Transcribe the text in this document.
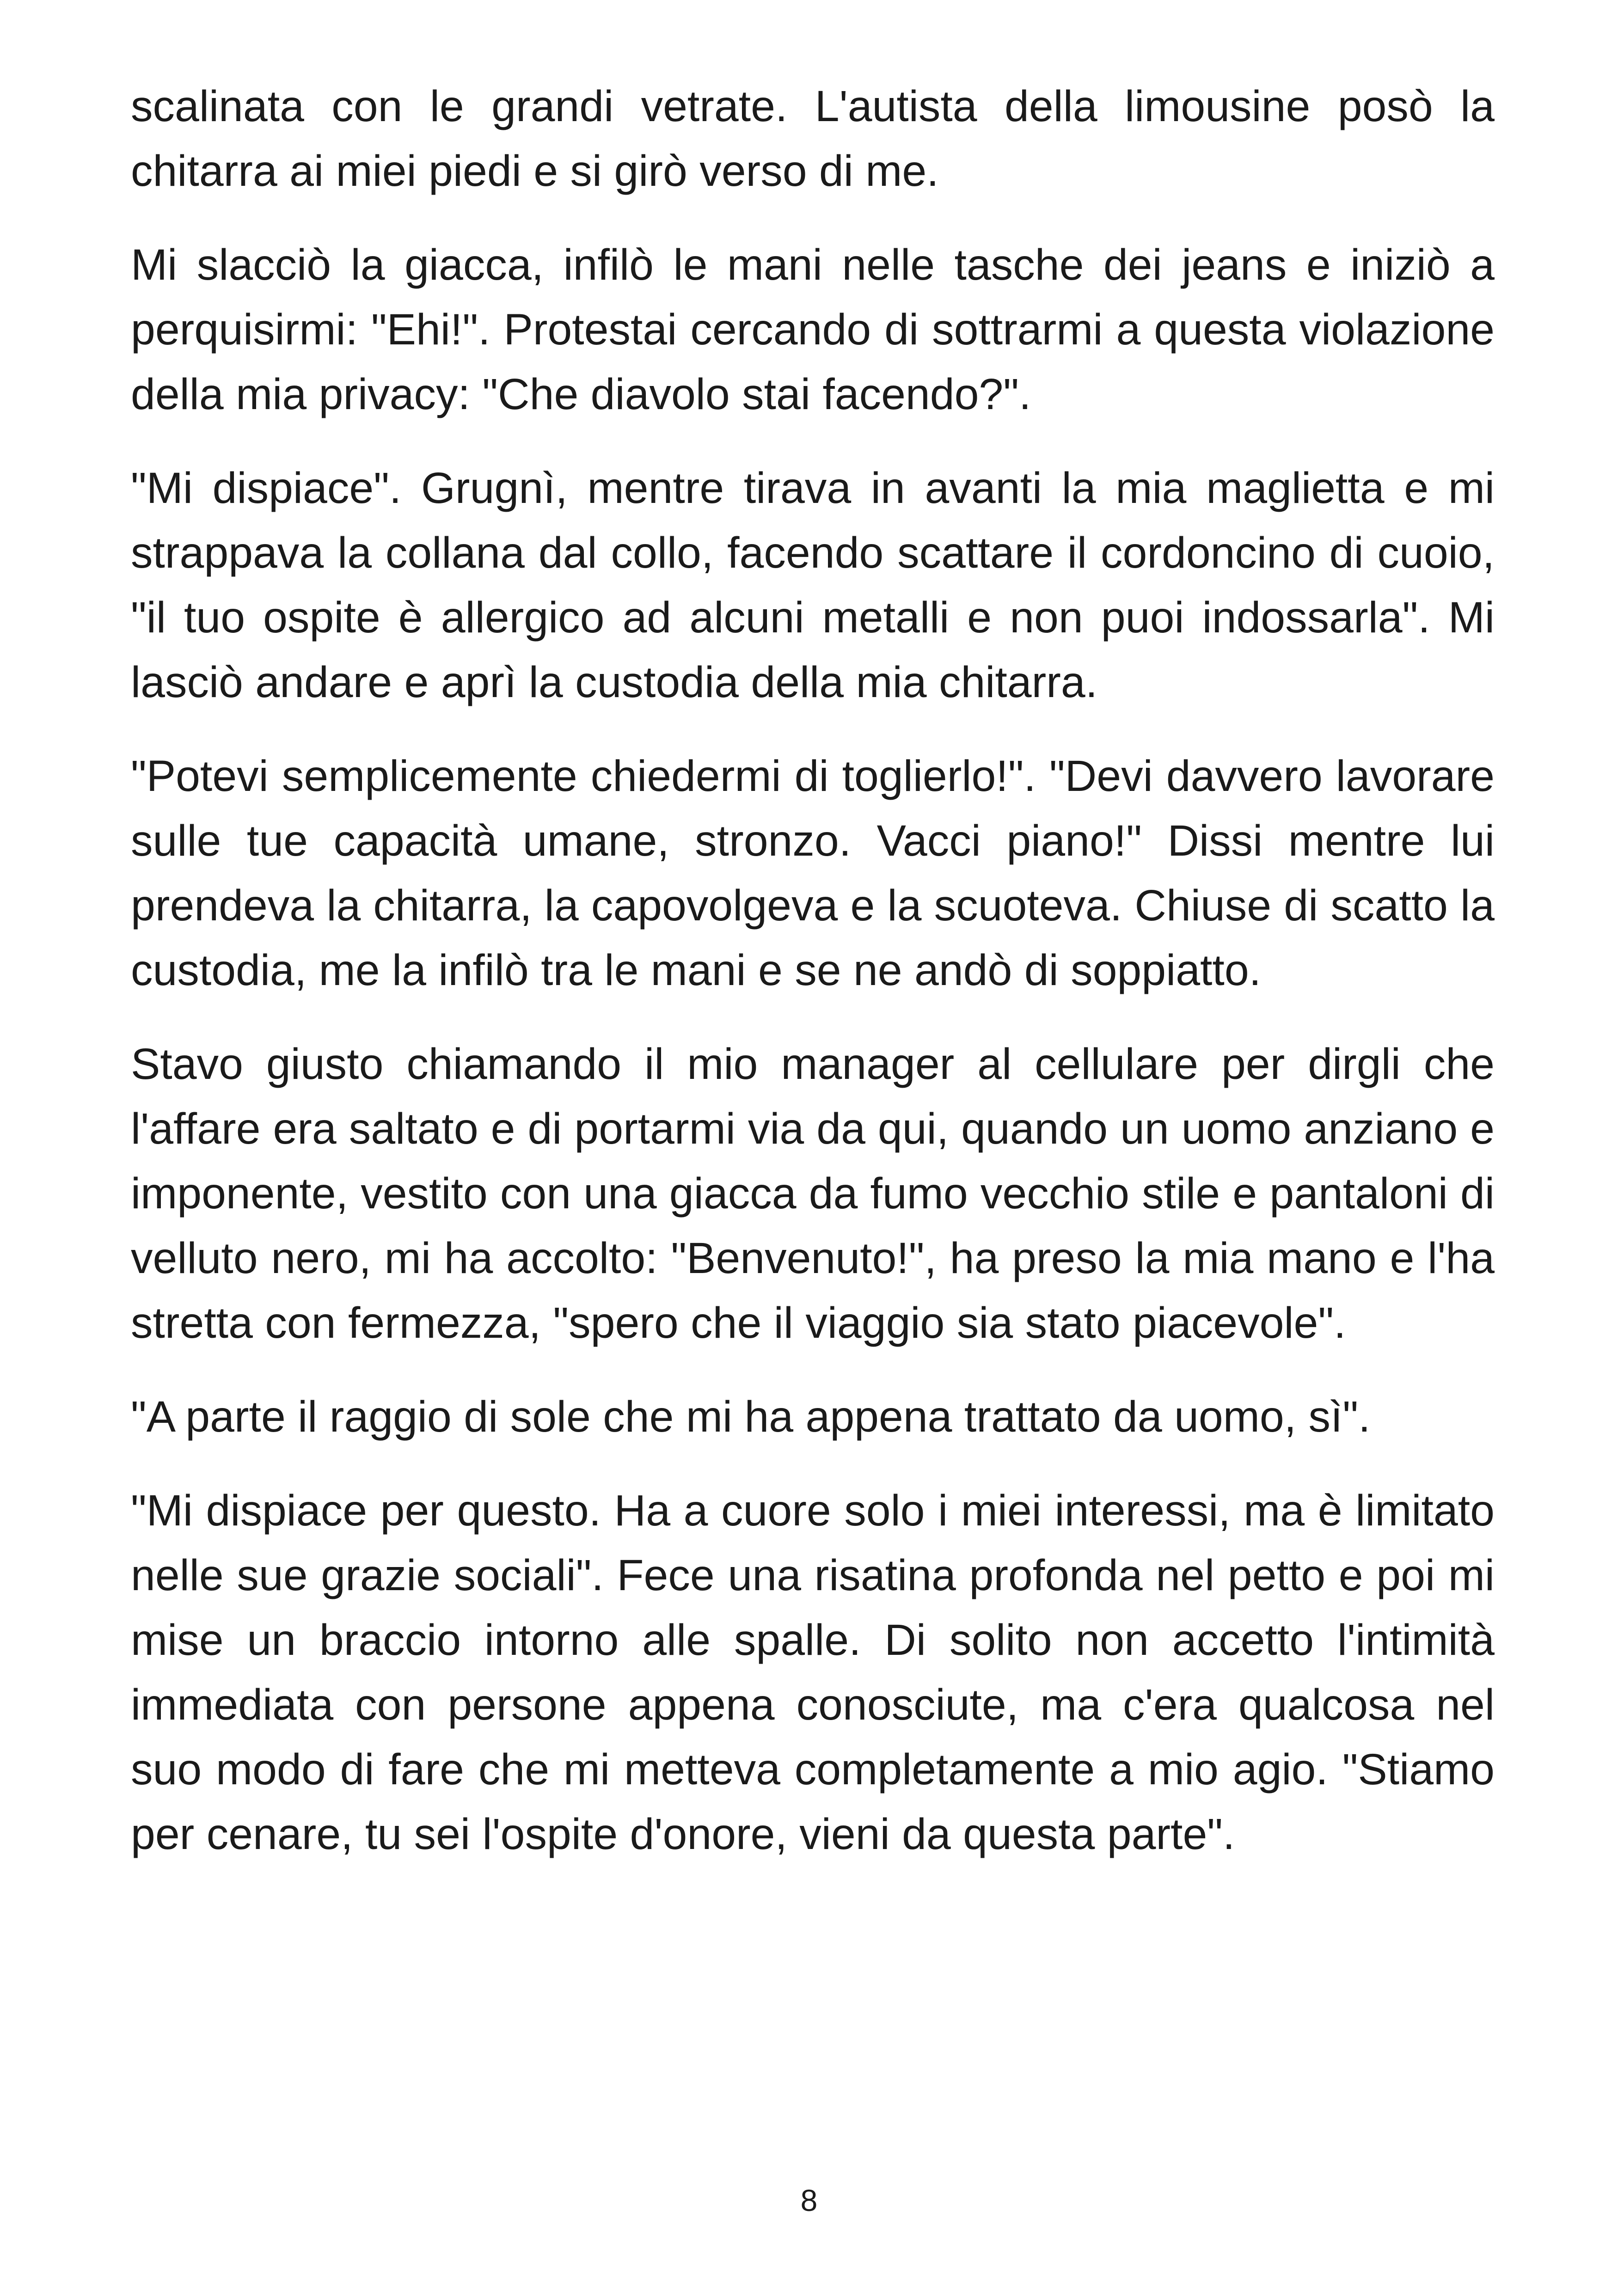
scalinata con le grandi vetrate. L'autista della limousine posò la chitarra ai miei piedi e si girò verso di me.

Mi slacciò la giacca, infilò le mani nelle tasche dei jeans e iniziò a perquisirmi: "Ehi!". Protestai cercando di sottrarmi a questa violazione della mia privacy: "Che diavolo stai facendo?".

"Mi dispiace". Grugnì, mentre tirava in avanti la mia maglietta e mi strappava la collana dal collo, facendo scattare il cordoncino di cuoio, "il tuo ospite è allergico ad alcuni metalli e non puoi indossarla". Mi lasciò andare e aprì la custodia della mia chitarra.

"Potevi semplicemente chiedermi di toglierlo!". "Devi davvero lavorare sulle tue capacità umane, stronzo. Vacci piano!" Dissi mentre lui prendeva la chitarra, la capovolgeva e la scuoteva. Chiuse di scatto la custodia, me la infilò tra le mani e se ne andò di soppiatto.

Stavo giusto chiamando il mio manager al cellulare per dirgli che l'affare era saltato e di portarmi via da qui, quando un uomo anziano e imponente, vestito con una giacca da fumo vecchio stile e pantaloni di velluto nero, mi ha accolto: "Benvenuto!", ha preso la mia mano e l'ha stretta con fermezza, "spero che il viaggio sia stato piacevole".

"A parte il raggio di sole che mi ha appena trattato da uomo, sì".

"Mi dispiace per questo. Ha a cuore solo i miei interessi, ma è limitato nelle sue grazie sociali". Fece una risatina profonda nel petto e poi mi mise un braccio intorno alle spalle. Di solito non accetto l'intimità immediata con persone appena conosciute, ma c'era qualcosa nel suo modo di fare che mi metteva completamente a mio agio. "Stiamo per cenare, tu sei l'ospite d'onore, vieni da questa parte".

8
